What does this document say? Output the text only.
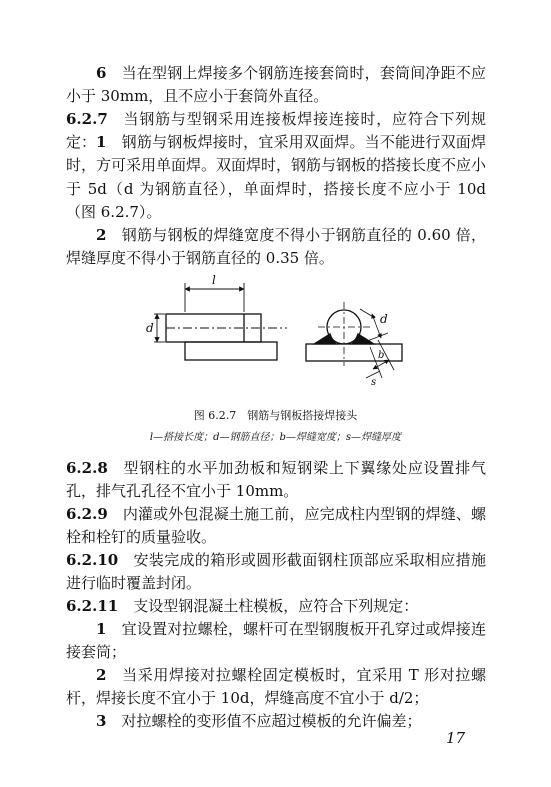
6  当在型钢上焊接多个钢筋连接套筒时，套筒间净距不应小于 30mm，且不应小于套筒外直径。
6.2.7  当钢筋与型钢采用连接板焊接连接时，应符合下列规定： 1  钢筋与钢板焊接时，宜采用双面焊。当不能进行双面焊时，方可采用单面焊。双面焊时，钢筋与钢板的搭接长度不应小于 5d（d 为钢筋直径），单面焊时，搭接长度不应小于 10d（图 6.2.7）。
2  钢筋与钢板的焊缝宽度不得小于钢筋直径的 0.60 倍，焊缝厚度不得小于钢筋直径的 0.35 倍。
l
d
d
b
s
图 6.2.7　钢筋与钢板搭接焊接头
l—搭接长度；d—钢筋直径；b—焊缝宽度；s—焊缝厚度
6.2.8  型钢柱的水平加劲板和短钢梁上下翼缘处应设置排气孔，排气孔孔径不宜小于 10mm。
6.2.9  内灌或外包混凝土施工前，应完成柱内型钢的焊缝、螺栓和栓钉的质量验收。
6.2.10  安装完成的箱形或圆形截面钢柱顶部应采取相应措施进行临时覆盖封闭。
6.2.11  支设型钢混凝土柱模板，应符合下列规定：
1  宜设置对拉螺栓，螺杆可在型钢腹板开孔穿过或焊接连接套筒；
2  当采用焊接对拉螺栓固定模板时，宜采用 T 形对拉螺杆，焊接长度不宜小于 10d，焊缝高度不宜小于 d/2；
3  对拉螺栓的变形值不应超过模板的允许偏差；
17
